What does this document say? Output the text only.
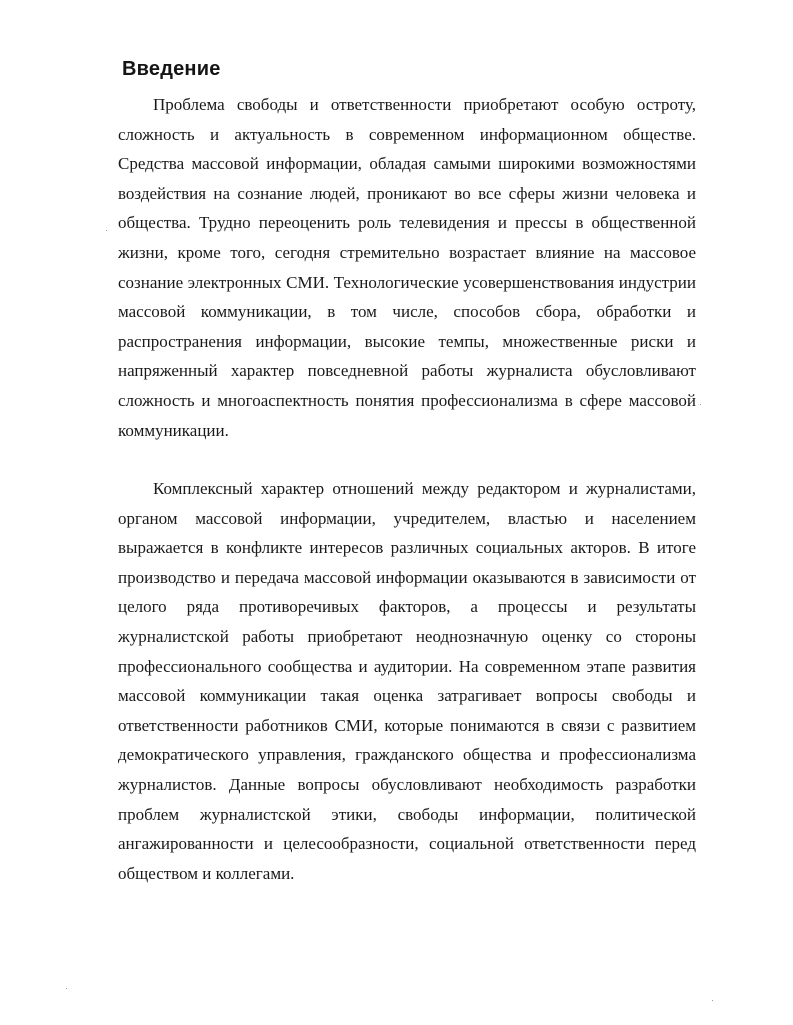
Введение

Проблема свободы и ответственности приобретают особую остроту, сложность и актуальность в современном информационном обществе. Средства массовой информации, обладая самыми широкими возможностями воздействия на сознание людей, проникают во все сферы жизни человека и общества. Трудно переоценить роль телевидения и прессы в общественной жизни, кроме того, сегодня стремительно возрастает влияние на массовое сознание электронных СМИ. Технологические усовершенствования индустрии массовой коммуникации, в том числе, способов сбора, обработки и распространения информации, высокие темпы, множественные риски и напряженный характер повседневной работы журналиста обусловливают сложность и многоаспектность понятия профессионализма в сфере массовой коммуникации.

Комплексный характер отношений между редактором и журналистами, органом массовой информации, учредителем, властью и населением выражается в конфликте интересов различных социальных акторов. В итоге производство и передача массовой информации оказываются в зависимости от целого ряда противоречивых факторов, а процессы и результаты журналистской работы приобретают неоднозначную оценку со стороны профессионального сообщества и аудитории. На современном этапе развития массовой коммуникации такая оценка затрагивает вопросы свободы и ответственности работников СМИ, которые понимаются в связи с развитием демократического управления, гражданского общества и профессионализма журналистов. Данные вопросы обусловливают необходимость разработки проблем журналистской этики, свободы информации, политической ангажированности и целесообразности, социальной ответственности перед обществом и коллегами.
